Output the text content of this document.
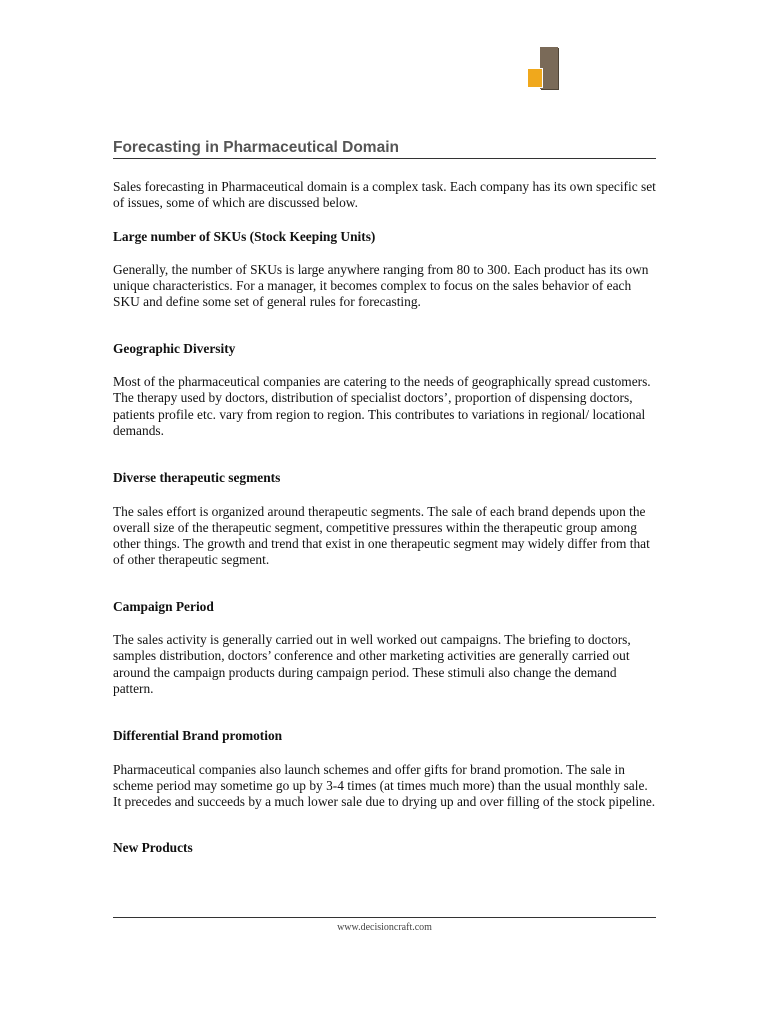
Forecasting in Pharmaceutical Domain

Sales forecasting in Pharmaceutical domain is a complex task. Each company has its own specific set of issues, some of which are discussed below.

Large number of SKUs (Stock Keeping Units)

Generally, the number of SKUs is large anywhere ranging from 80 to 300. Each product has its own unique characteristics. For a manager, it becomes complex to focus on the sales behavior of each SKU and define some set of general rules for forecasting.

Geographic Diversity

Most of the pharmaceutical companies are catering to the needs of geographically spread customers. The therapy used by doctors, distribution of specialist doctors’, proportion of dispensing doctors, patients profile etc. vary from region to region. This contributes to variations in regional/ locational demands.

Diverse therapeutic segments

The sales effort is organized around therapeutic segments. The sale of each brand depends upon the overall size of the therapeutic segment, competitive pressures within the therapeutic group among other things. The growth and trend that exist in one therapeutic segment may widely differ from that of other therapeutic segment.

Campaign Period

The sales activity is generally carried out in well worked out campaigns. The briefing to doctors, samples distribution, doctors’ conference and other marketing activities are generally carried out around the campaign products during campaign period. These stimuli also change the demand pattern.

Differential Brand promotion

Pharmaceutical companies also launch schemes and offer gifts for brand promotion. The sale in scheme period may sometime go up by 3-4 times (at times much more) than the usual monthly sale. It precedes and succeeds by a much lower sale due to drying up and over filling of the stock pipeline.

New Products
www.decisioncraft.com
